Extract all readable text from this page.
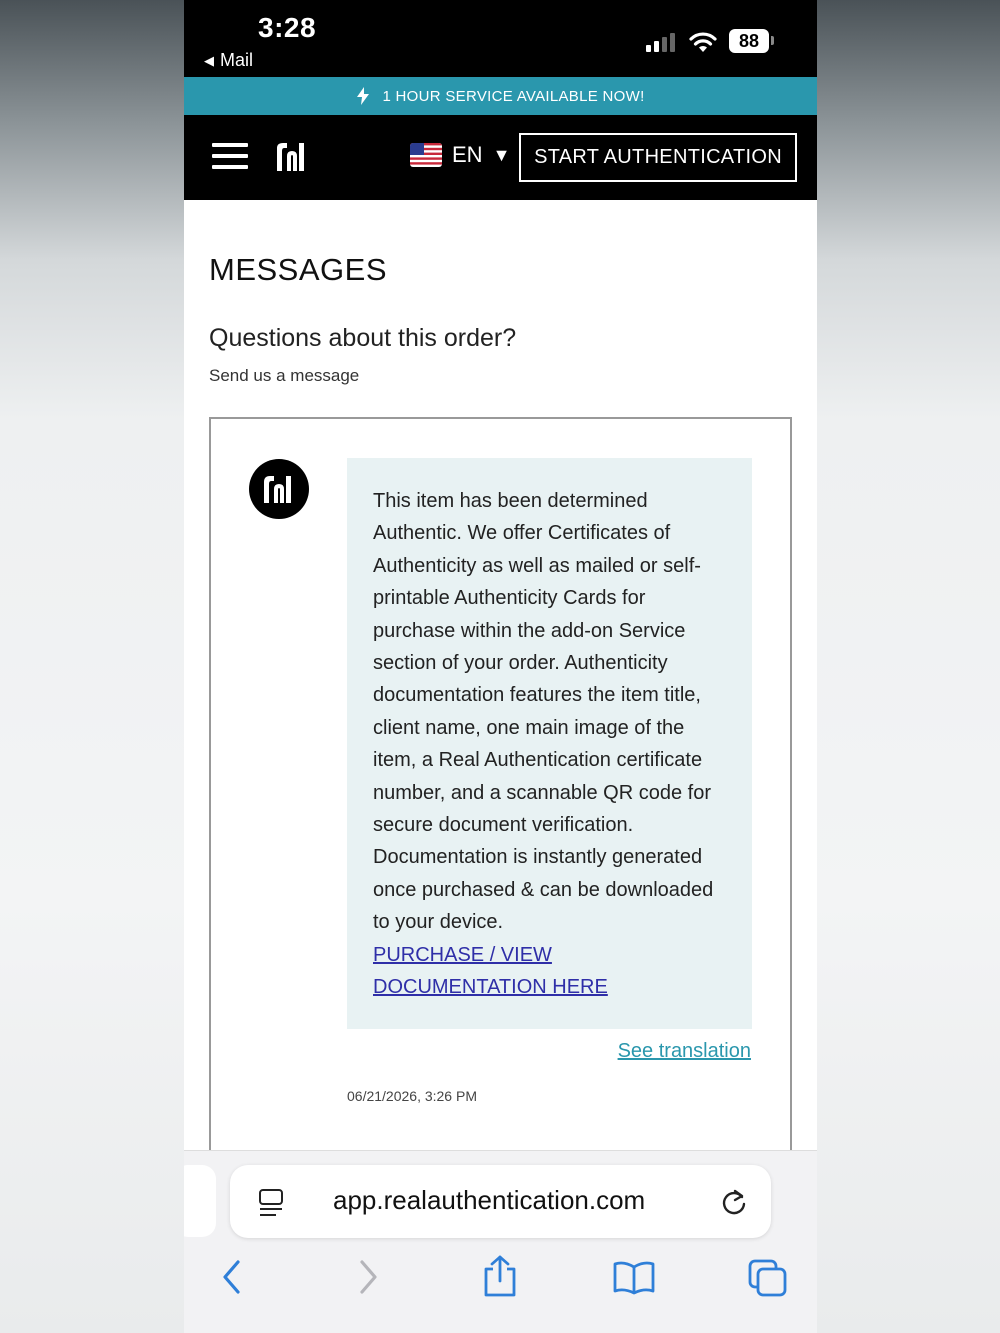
3:28
◀ Mail
88
1 HOUR SERVICE AVAILABLE NOW!
EN ▼	START AUTHENTICATION
MESSAGES
Questions about this order?
Send us a message

This item has been determined Authentic. We offer Certificates of Authenticity as well as mailed or self-printable Authenticity Cards for purchase within the add-on Service section of your order. Authenticity documentation features the item title, client name, one main image of the item, a Real Authentication certificate number, and a scannable QR code for secure document verification. Documentation is instantly generated once purchased & can be downloaded to your device.

PURCHASE / VIEW
DOCUMENTATION HERE
See translation
06/21/2026, 3:26 PM
app.realauthentication.com
